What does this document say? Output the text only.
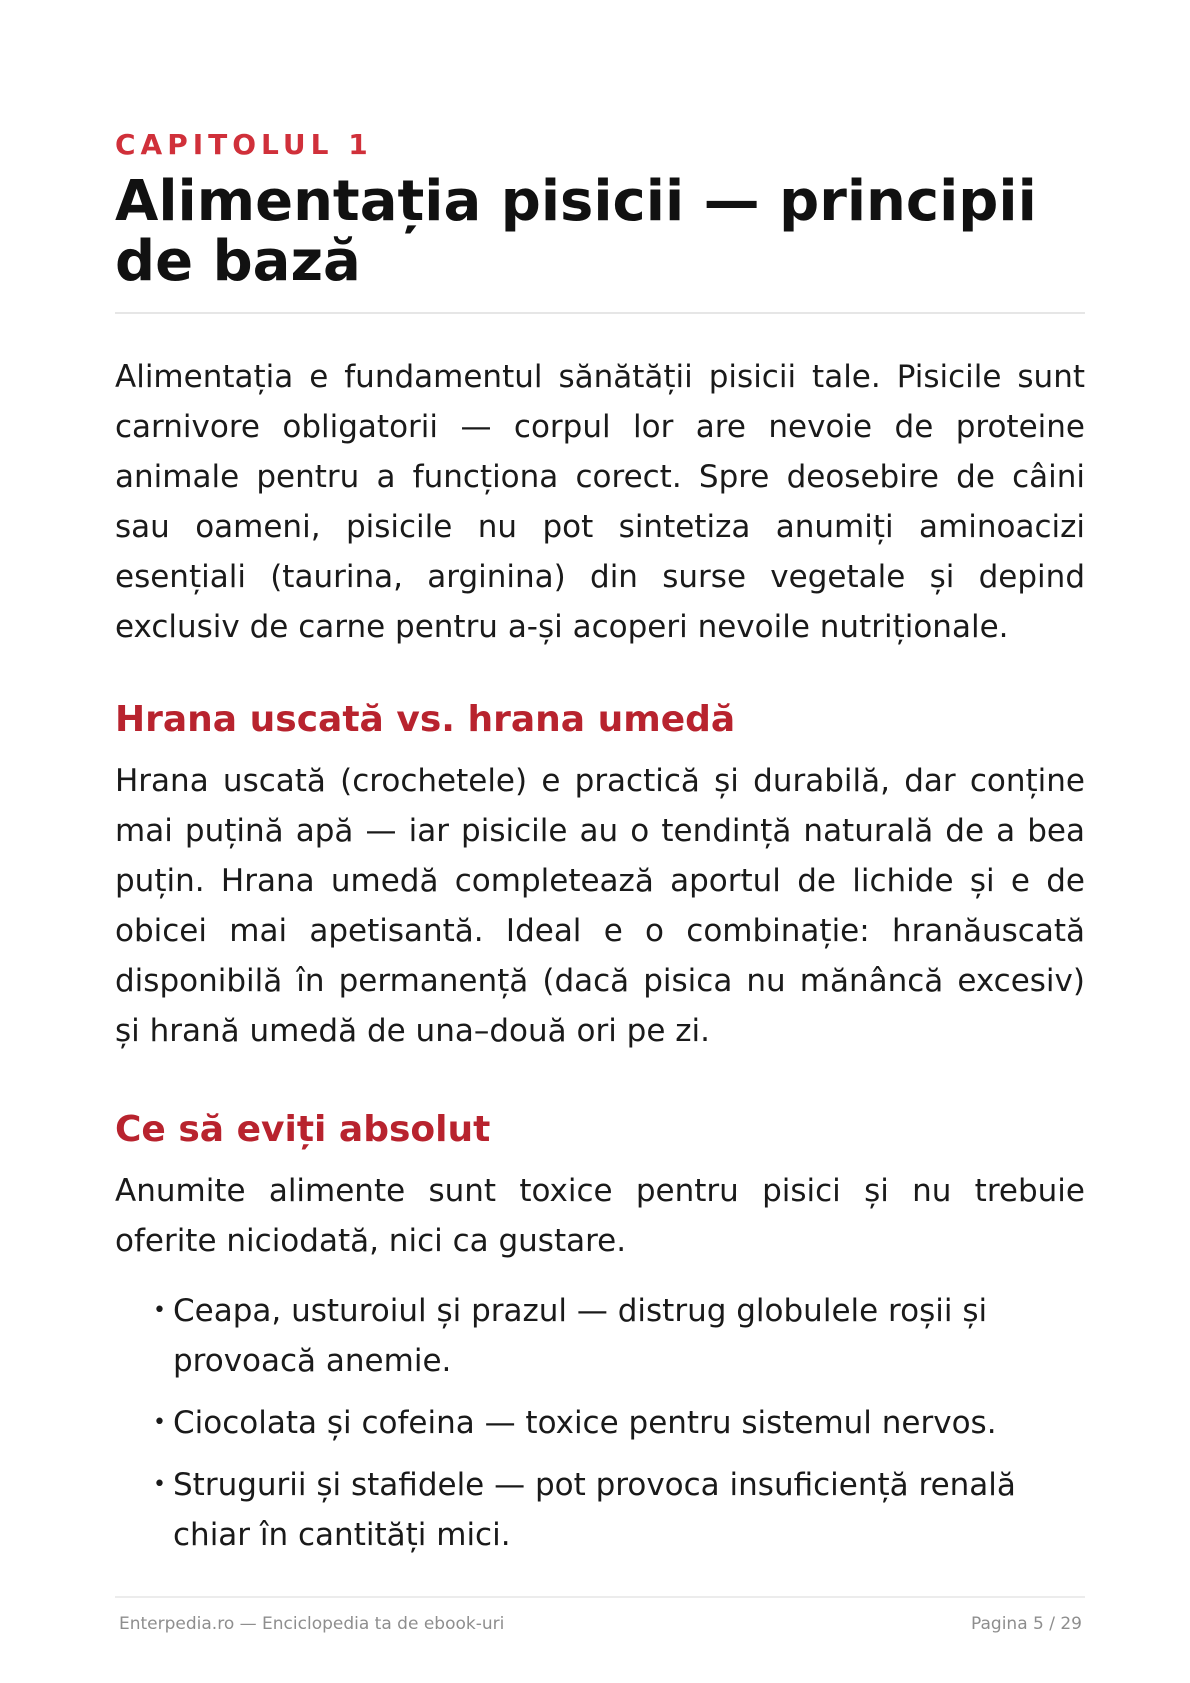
CAPITOLUL 1

Alimentația pisicii — principii de bază

Alimentația e fundamentul sănătății pisicii tale. Pisicile sunt carnivore obligatorii — corpul lor are nevoie de proteine animale pentru a funcționa corect. Spre deosebire de câini sau oameni, pisicile nu pot sintetiza anumiți aminoacizi esențiali (taurina, arginina) din surse vegetale și depind exclusiv de carne pentru a-și acoperi nevoile nutriționale.

Hrana uscată vs. hrana umedă

Hrana uscată (crochetele) e practică și durabilă, dar conține mai puțină apă — iar pisicile au o tendință naturală de a bea puțin. Hrana umedă completează aportul de lichide și e de obicei mai apetisantă. Ideal e o combinație: hranăuscată disponibilă în permanență (dacă pisica nu mănâncă excesiv) și hrană umedă de una–două ori pe zi.

Ce să eviți absolut

Anumite alimente sunt toxice pentru pisici și nu trebuie oferite niciodată, nici ca gustare.

• Ceapa, usturoiul și prazul — distrug globulele roșii și provoacă anemie.
• Ciocolata și cofeina — toxice pentru sistemul nervos.
• Strugurii și stafidele — pot provoca insuficiență renală chiar în cantități mici.
Enterpedia.ro — Enciclopedia ta de ebook-uri	Pagina 5 / 29
